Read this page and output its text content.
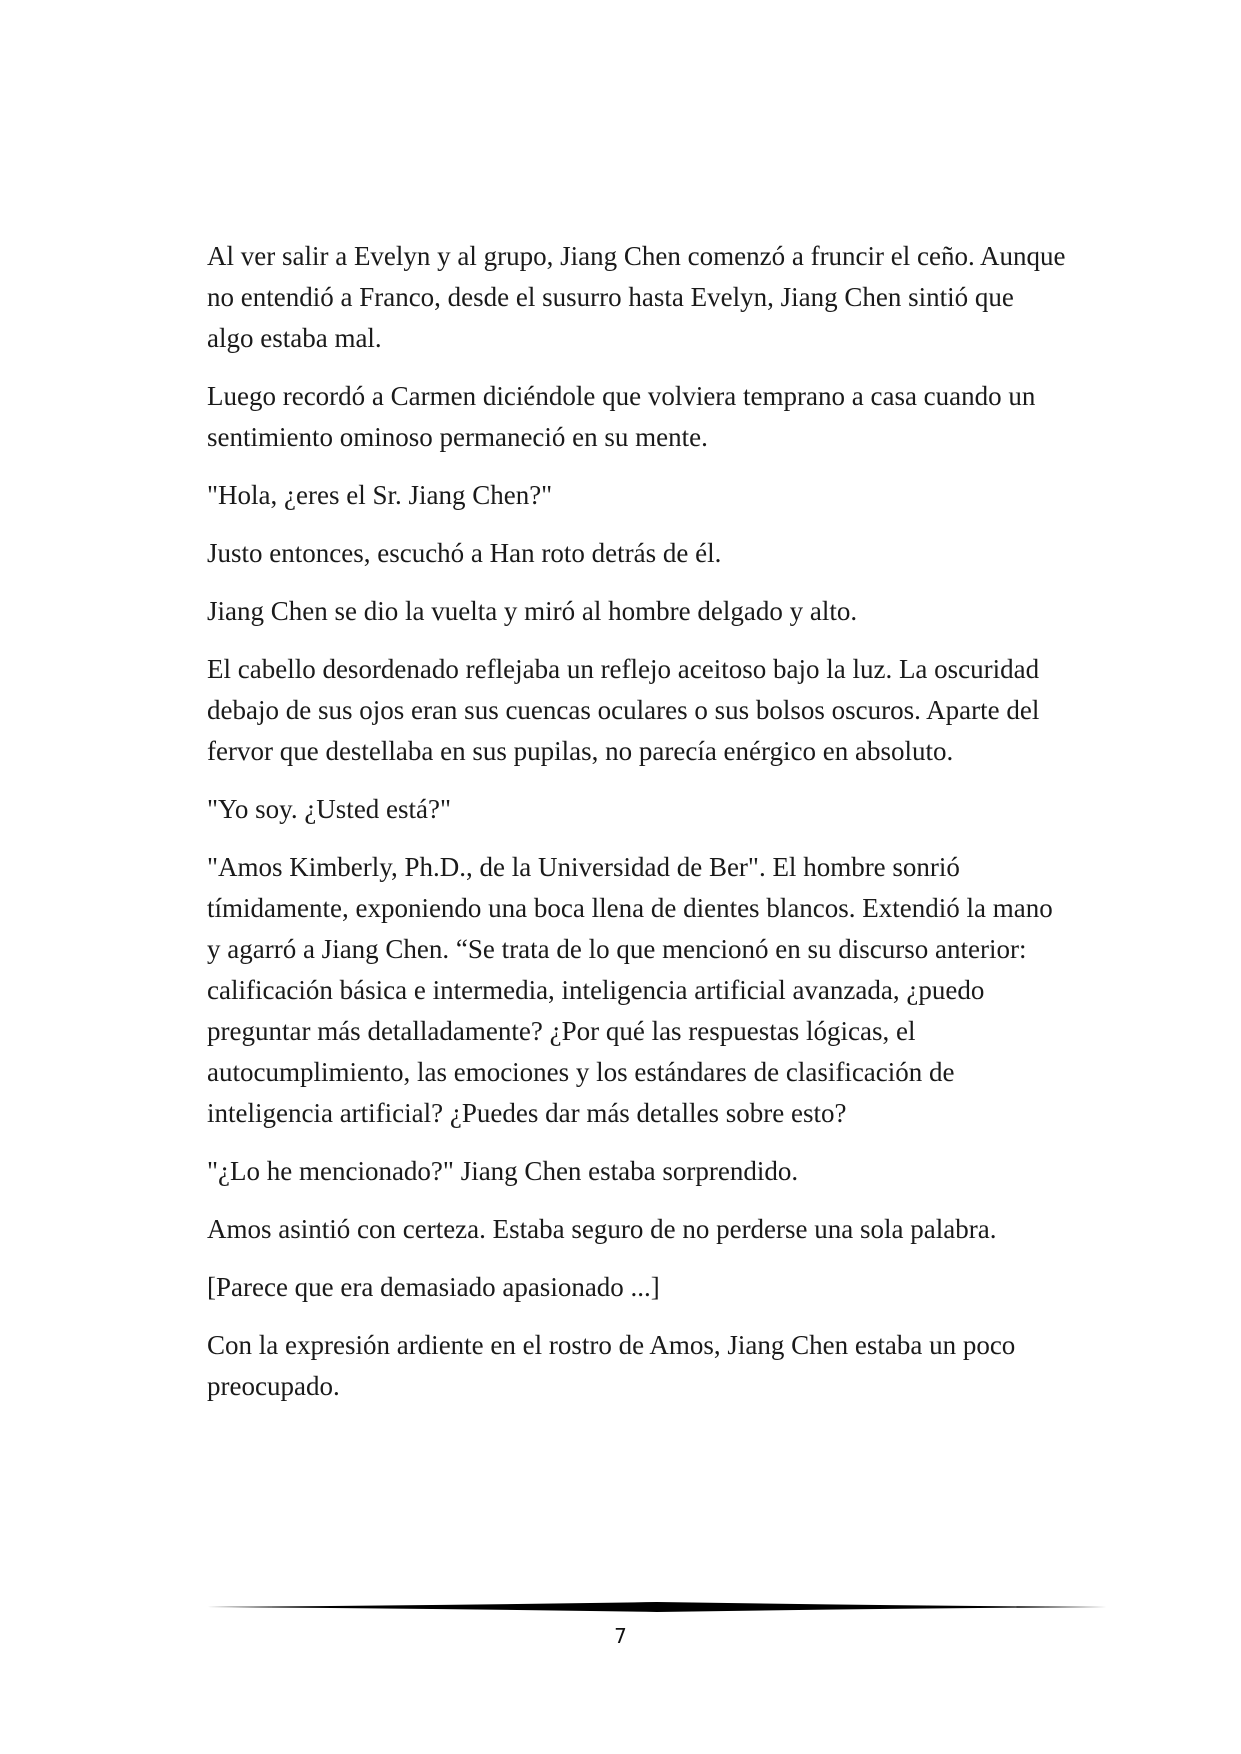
Al ver salir a Evelyn y al grupo, Jiang Chen comenzó a fruncir el ceño. Aunque no entendió a Franco, desde el susurro hasta Evelyn, Jiang Chen sintió que algo estaba mal.

Luego recordó a Carmen diciéndole que volviera temprano a casa cuando un sentimiento ominoso permaneció en su mente.

"Hola, ¿eres el Sr. Jiang Chen?"

Justo entonces, escuchó a Han roto detrás de él.

Jiang Chen se dio la vuelta y miró al hombre delgado y alto.

El cabello desordenado reflejaba un reflejo aceitoso bajo la luz. La oscuridad debajo de sus ojos eran sus cuencas oculares o sus bolsos oscuros. Aparte del fervor que destellaba en sus pupilas, no parecía enérgico en absoluto.

"Yo soy. ¿Usted está?"

"Amos Kimberly, Ph.D., de la Universidad de Ber". El hombre sonrió tímidamente, exponiendo una boca llena de dientes blancos. Extendió la mano y agarró a Jiang Chen. “Se trata de lo que mencionó en su discurso anterior: calificación básica e intermedia, inteligencia artificial avanzada, ¿puedo preguntar más detalladamente? ¿Por qué las respuestas lógicas, el autocumplimiento, las emociones y los estándares de clasificación de inteligencia artificial? ¿Puedes dar más detalles sobre esto?

"¿Lo he mencionado?" Jiang Chen estaba sorprendido.

Amos asintió con certeza. Estaba seguro de no perderse una sola palabra.

[Parece que era demasiado apasionado ...]

Con la expresión ardiente en el rostro de Amos, Jiang Chen estaba un poco preocupado.

7
